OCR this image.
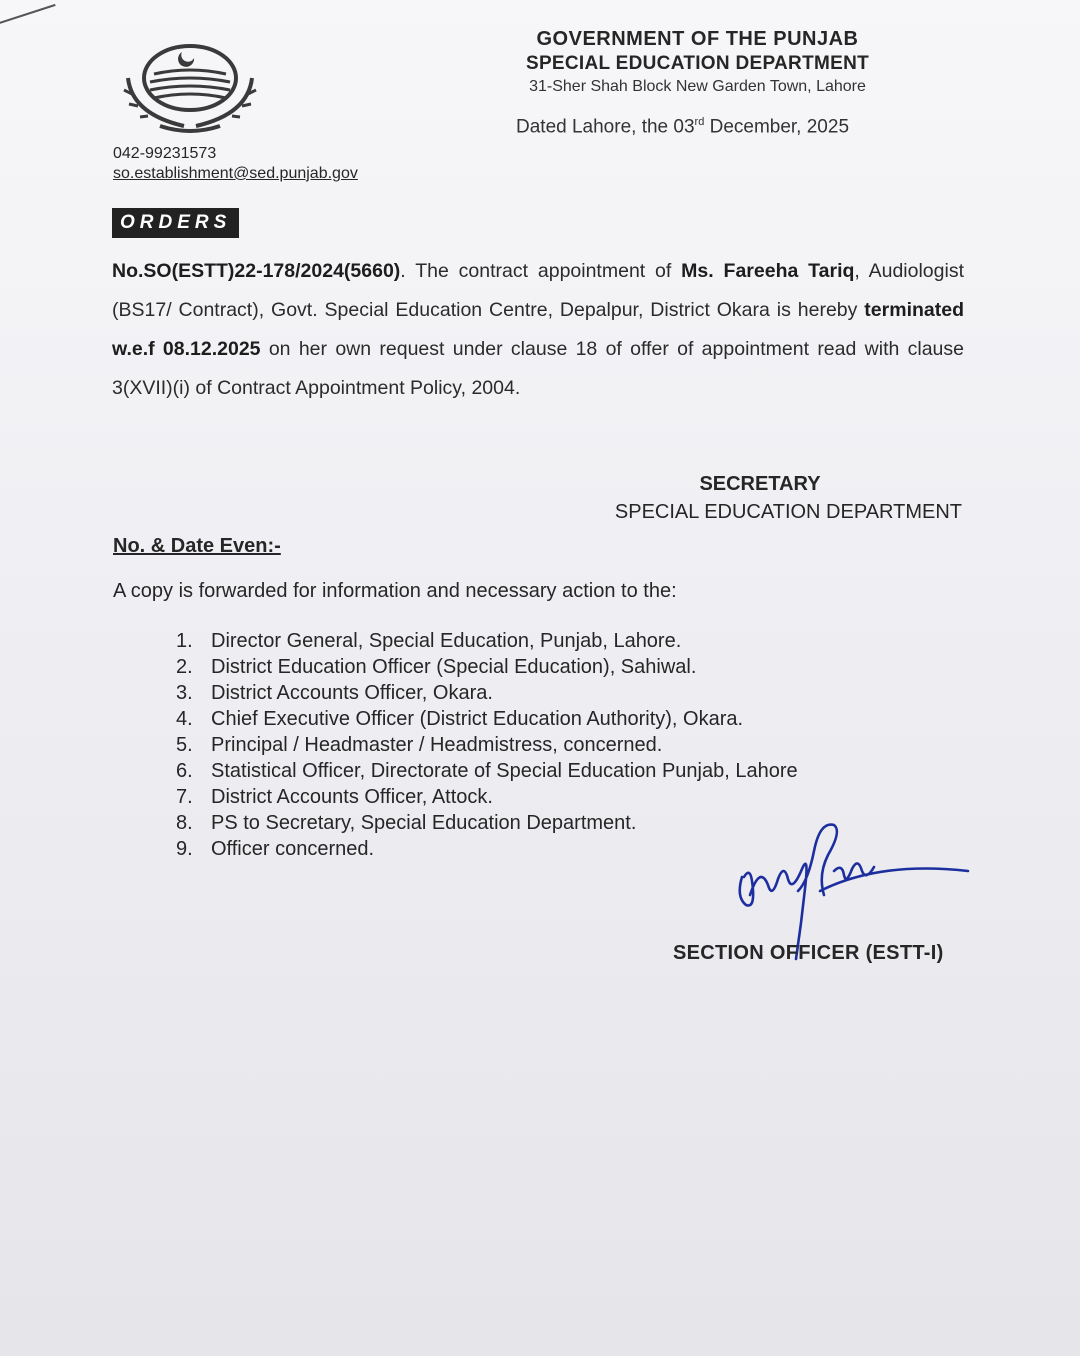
GOVERNMENT OF THE PUNJAB
SPECIAL EDUCATION DEPARTMENT
31-Sher Shah Block New Garden Town, Lahore
Dated Lahore, the 03rd December, 2025
042-99231573
so.establishment@sed.punjab.gov
ORDERS
No.SO(ESTT)22-178/2024(5660). The contract appointment of Ms. Fareeha Tariq, Audiologist (BS17/ Contract), Govt. Special Education Centre, Depalpur, District Okara is hereby terminated w.e.f 08.12.2025 on her own request under clause 18 of offer of appointment read with clause 3(XVII)(i) of Contract Appointment Policy, 2004.
SECRETARY
SPECIAL EDUCATION DEPARTMENT
No. & Date Even:-
A copy is forwarded for information and necessary action to the:
1. Director General, Special Education, Punjab, Lahore.
2. District Education Officer (Special Education), Sahiwal.
3. District Accounts Officer, Okara.
4. Chief Executive Officer (District Education Authority), Okara.
5. Principal / Headmaster / Headmistress, concerned.
6. Statistical Officer, Directorate of Special Education Punjab, Lahore
7. District Accounts Officer, Attock.
8. PS to Secretary, Special Education Department.
9. Officer concerned.
SECTION OFFICER (ESTT-I)
